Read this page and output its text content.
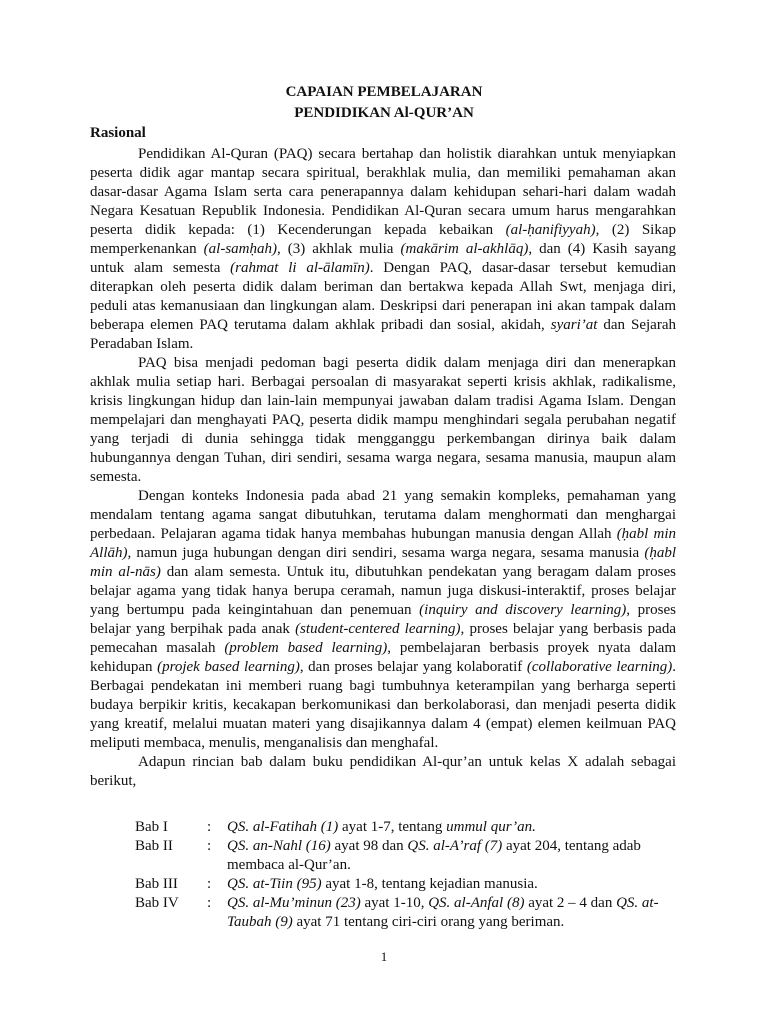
CAPAIAN PEMBELAJARAN
PENDIDIKAN Al-QUR’AN
Rasional

Pendidikan Al-Quran (PAQ) secara bertahap dan holistik diarahkan untuk menyiapkan peserta didik agar mantap secara spiritual, berakhlak mulia, dan memiliki pemahaman akan dasar-dasar Agama Islam serta cara penerapannya dalam kehidupan sehari-hari dalam wadah Negara Kesatuan Republik Indonesia. Pendidikan Al-Quran secara umum harus mengarahkan peserta didik kepada: (1) Kecenderungan kepada kebaikan (al-ḥanifiyyah), (2) Sikap memperkenankan (al-samḥah), (3) akhlak mulia (makārim al-akhlāq), dan (4) Kasih sayang untuk alam semesta (rahmat li al-ālamīn). Dengan PAQ, dasar-dasar tersebut kemudian diterapkan oleh peserta didik dalam beriman dan bertakwa kepada Allah Swt, menjaga diri, peduli atas kemanusiaan dan lingkungan alam. Deskripsi dari penerapan ini akan tampak dalam beberapa elemen PAQ terutama dalam akhlak pribadi dan sosial, akidah, syari’at dan Sejarah Peradaban Islam.

PAQ bisa menjadi pedoman bagi peserta didik dalam menjaga diri dan menerapkan akhlak mulia setiap hari. Berbagai persoalan di masyarakat seperti krisis akhlak, radikalisme, krisis lingkungan hidup dan lain-lain mempunyai jawaban dalam tradisi Agama Islam. Dengan mempelajari dan menghayati PAQ, peserta didik mampu menghindari segala perubahan negatif yang terjadi di dunia sehingga tidak mengganggu perkembangan dirinya baik dalam hubungannya dengan Tuhan, diri sendiri, sesama warga negara, sesama manusia, maupun alam semesta.

Dengan konteks Indonesia pada abad 21 yang semakin kompleks, pemahaman yang mendalam tentang agama sangat dibutuhkan, terutama dalam menghormati dan menghargai perbedaan. Pelajaran agama tidak hanya membahas hubungan manusia dengan Allah (ḥabl min Allāh), namun juga hubungan dengan diri sendiri, sesama warga negara, sesama manusia (ḥabl min al-nās) dan alam semesta. Untuk itu, dibutuhkan pendekatan yang beragam dalam proses belajar agama yang tidak hanya berupa ceramah, namun juga diskusi-interaktif, proses belajar yang bertumpu pada keingintahuan dan penemuan (inquiry and discovery learning), proses belajar yang berpihak pada anak (student-centered learning), proses belajar yang berbasis pada pemecahan masalah (problem based learning), pembelajaran berbasis proyek nyata dalam kehidupan (projek based learning), dan proses belajar yang kolaboratif (collaborative learning). Berbagai pendekatan ini memberi ruang bagi tumbuhnya keterampilan yang berharga seperti budaya berpikir kritis, kecakapan berkomunikasi dan berkolaborasi, dan menjadi peserta didik yang kreatif, melalui muatan materi yang disajikannya dalam 4 (empat) elemen keilmuan PAQ meliputi membaca, menulis, menganalisis dan menghafal.

Adapun rincian bab dalam buku pendidikan Al-qur’an untuk kelas X adalah sebagai berikut,

Bab I	: QS. al-Fatihah (1) ayat 1-7, tentang ummul qur’an.
Bab II : QS. an-Nahl (16) ayat 98 dan QS. al-A’raf (7) ayat 204, tentang adab membaca al-Qur’an.
Bab III : QS. at-Tiin (95) ayat 1-8, tentang kejadian manusia.
Bab IV : QS. al-Mu’minun (23) ayat 1-10, QS. al-Anfal (8) ayat 2 – 4 dan QS. at-Taubah (9) ayat 71 tentang ciri-ciri orang yang beriman.
1
